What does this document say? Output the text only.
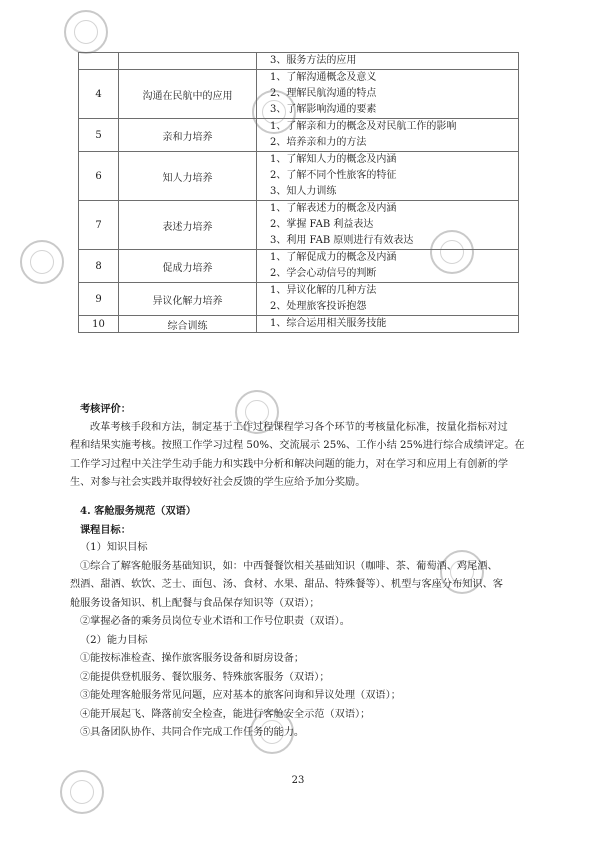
		3、服务方法的应用

4	沟通在民航中的应用	1、了解沟通概念及意义
2、理解民航沟通的特点
3、了解影响沟通的要素

5	亲和力培养	1、了解亲和力的概念及对民航工作的影响
2、培养亲和力的方法

6	知人力培养	1、了解知人力的概念及内涵
2、了解不同个性旅客的特征
3、知人力训练

7	表述力培养	1、了解表述力的概念及内涵
2、掌握 FAB 利益表达
3、利用 FAB 原则进行有效表达

8	促成力培养	1、了解促成力的概念及内涵
2、学会心动信号的判断

9	异议化解力培养	1、异议化解的几种方法
2、处理旅客投诉抱怨

10	综合训练	1、综合运用相关服务技能
考核评价：
改革考核手段和方法，制定基于工作过程课程学习各个环节的考核量化标准，按量化指标对过
程和结果实施考核。按照工作学习过程 50%、交流展示 25%、工作小结 25%进行综合成绩评定。在
工作学习过程中关注学生动手能力和实践中分析和解决问题的能力，对在学习和应用上有创新的学
生、对参与社会实践并取得较好社会反馈的学生应给予加分奖励。
4. 客舱服务规范（双语）
课程目标：
（1）知识目标
①综合了解客舱服务基础知识，如：中西餐餐饮相关基础知识（咖啡、茶、葡萄酒、鸡尾酒、
烈酒、甜酒、软饮、芝士、面包、汤、食材、水果、甜品、特殊餐等）、机型与客座分布知识、客
舱服务设备知识、机上配餐与食品保存知识等（双语）；
②掌握必备的乘务员岗位专业术语和工作号位职责（双语）。
（2）能力目标
①能按标准检查、操作旅客服务设备和厨房设备；
②能提供登机服务、餐饮服务、特殊旅客服务（双语）；
③能处理客舱服务常见问题，应对基本的旅客问询和异议处理（双语）；
④能开展起飞、降落前安全检查，能进行客舱安全示范（双语）；
⑤具备团队协作、共同合作完成工作任务的能力。
23
